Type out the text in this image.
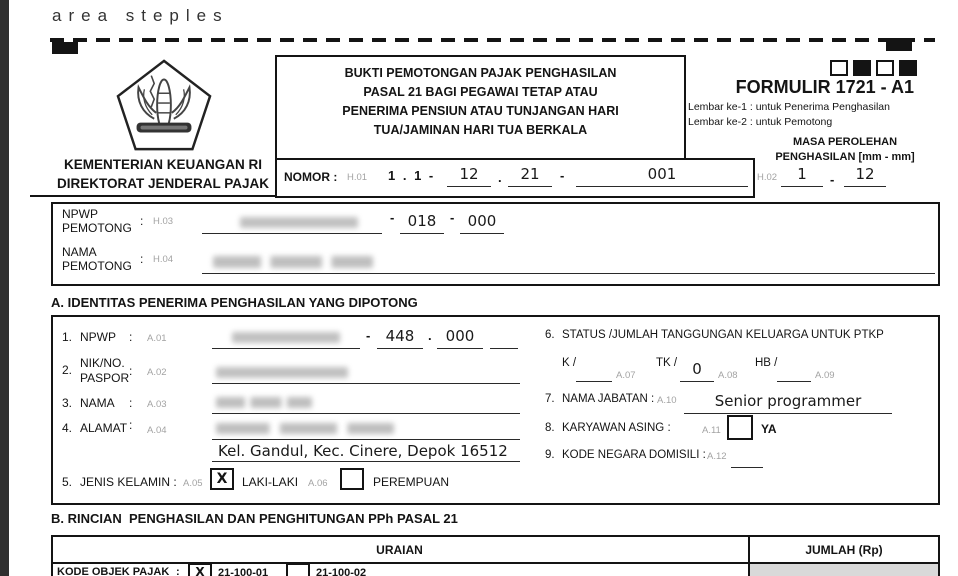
area steples
KEMENTERIAN KEUANGAN RI
DIREKTORAT JENDERAL PAJAK
BUKTI PEMOTONGAN PAJAK PENGHASILAN
PASAL 21 BAGI PEGAWAI TETAP ATAU
PENERIMA PENSIUN ATAU TUNJANGAN HARI
TUA/JAMINAN HARI TUA BERKALA
FORMULIR 1721 - A1
Lembar ke-1 : untuk Penerima Penghasilan
Lembar ke-2 : untuk Pemotong
MASA PEROLEHAN
PENGHASILAN [mm - mm]
H.02	1	-	12
NOMOR : H.01 1 . 1 -	12	.	21	-	001
NPWP
PEMOTONG : H.03	- 018	- 000
NAMA
PEMOTONG : H.04
A. IDENTITAS PENERIMA PENGHASILAN YANG DIPOTONG
1. NPWP : A.01	-	448	. 000
2. NIK/NO.
PASPOR : A.02
3. NAMA : A.03
4. ALAMAT : A.04
Kel. Gandul, Kec. Cinere, Depok 16512
5. JENIS KELAMIN : A.05	X	LAKI-LAKI A.06	PEREMPUAN
6. STATUS /JUMLAH TANGGUNGAN KELUARGA UNTUK PTKP
K /
A.07
TK /	0	A.08
HB /
A.09
7. NAMA JABATAN : A.10	Senior programmer
8. KARYAWAN ASING :	A.11	YA
9. KODE NEGARA DOMISILI : A.12
B. RINCIAN  PENGHASILAN DAN PENGHITUNGAN PPh PASAL 21
URAIAN	JUMLAH (Rp)
KODE OBJEK PAJAK :	X	21-100-01	21-100-02
